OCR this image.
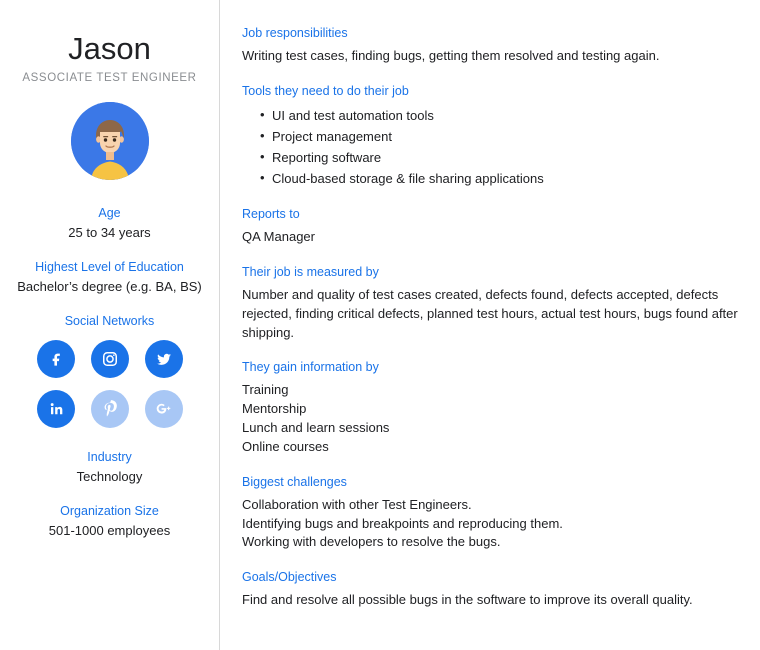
Jason
ASSOCIATE TEST ENGINEER
Age
25 to 34 years
Highest Level of Education
Bachelor’s degree (e.g. BA, BS)
Social Networks
Industry
Technology
Organization Size
501-1000 employees
Job responsibilities
Writing test cases, finding bugs, getting them resolved and testing again.
Tools they need to do their job
• UI and test automation tools
• Project management
• Reporting software
• Cloud-based storage & file sharing applications
Reports to
QA Manager
Their job is measured by
Number and quality of test cases created, defects found, defects accepted, defects rejected, finding critical defects, planned test hours, actual test hours, bugs found after shipping.
They gain information by
Training
Mentorship
Lunch and learn sessions
Online courses
Biggest challenges
Collaboration with other Test Engineers.
Identifying bugs and breakpoints and reproducing them.
Working with developers to resolve the bugs.
Goals/Objectives
Find and resolve all possible bugs in the software to improve its overall quality.
